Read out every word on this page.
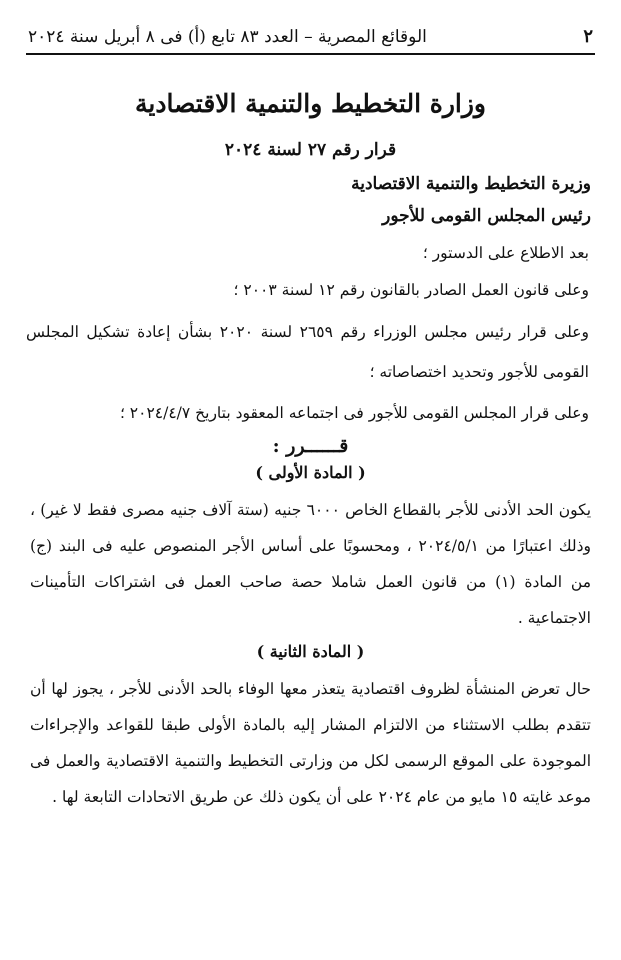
٢
الوقائع المصرية – العدد ٨٣ تابع (أ) فى ٨ أبريل سنة ٢٠٢٤
وزارة التخطيط والتنمية الاقتصادية
قرار رقم ٢٧ لسنة ٢٠٢٤
وزيرة التخطيط والتنمية الاقتصادية
رئيس المجلس القومى للأجور

بعد الاطلاع على الدستور ؛

وعلى قانون العمل الصادر بالقانون رقم ١٢ لسنة ٢٠٠٣ ؛

وعلى قرار رئيس مجلس الوزراء رقم ٢٦٥٩ لسنة ٢٠٢٠ بشأن إعادة تشكيل المجلس القومى للأجور وتحديد اختصاصاته ؛

وعلى قرار المجلس القومى للأجور فى اجتماعه المعقود بتاريخ ٢٠٢٤/٤/٧ ؛

قــــــرر :
( المادة الأولى )

يكون الحد الأدنى للأجر بالقطاع الخاص ٦٠٠٠ جنيه (ستة آلاف جنيه مصرى فقط لا غير) ، وذلك اعتبارًا من ٢٠٢٤/٥/١ ، ومحسوبًا على أساس الأجر المنصوص عليه فى البند (ج) من المادة (١) من قانون العمل شاملا حصة صاحب العمل فى اشتراكات التأمينات الاجتماعية .

( المادة الثانية )

حال تعرض المنشأة لظروف اقتصادية يتعذر معها الوفاء بالحد الأدنى للأجر ، يجوز لها أن تتقدم بطلب الاستثناء من الالتزام المشار إليه بالمادة الأولى طبقا للقواعد والإجراءات الموجودة على الموقع الرسمى لكل من وزارتى التخطيط والتنمية الاقتصادية والعمل فى موعد غايته ١٥ مايو من عام ٢٠٢٤ على أن يكون ذلك عن طريق الاتحادات التابعة لها .
